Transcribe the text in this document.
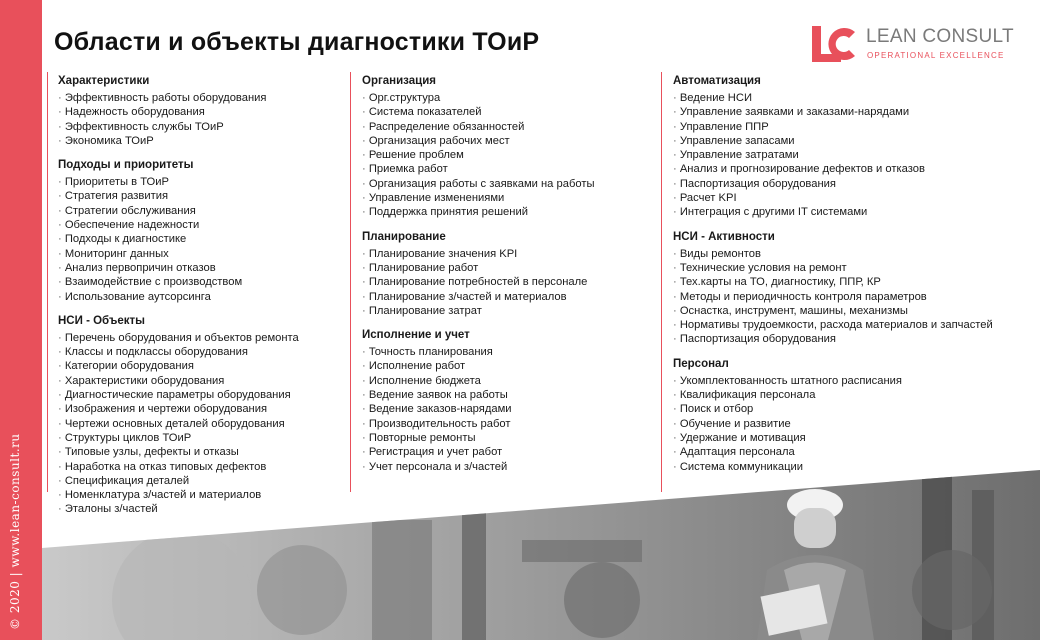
© 2020 | www.lean-consult.ru
Области и объекты диагностики ТОиР	LEAN CONSULT
OPERATIONAL EXCELLENCE
Характеристики
· Эффективность работы оборудования
· Надежность оборудования
· Эффективность службы ТОиР
· Экономика ТОиР
Подходы и приоритеты
· Приоритеты в ТОиР
· Стратегия развития
· Стратегии обслуживания
· Обеспечение надежности
· Подходы к диагностике
· Мониторинг данных
· Анализ первопричин отказов
· Взаимодействие с производством
· Использование аутсорсинга
НСИ - Объекты
· Перечень оборудования и объектов ремонта
· Классы и подклассы оборудования
· Категории оборудования
· Характеристики оборудования
· Диагностические параметры оборудования
· Изображения и чертежи оборудования
· Чертежи основных деталей оборудования
· Структуры циклов ТОиР
· Типовые узлы, дефекты и отказы
· Наработка на отказ типовых дефектов
· Спецификация деталей
· Номенклатура з/частей и материалов
· Эталоны з/частей
Организация
· Орг.структура
· Система показателей
· Распределение обязанностей
· Организация рабочих мест
· Решение проблем
· Приемка работ
· Организация работы с заявками на работы
· Управление изменениями
· Поддержка принятия решений
Планирование
· Планирование значения KPI
· Планирование работ
· Планирование потребностей в персонале
· Планирование з/частей и материалов
· Планирование затрат
Исполнение и учет
· Точность планирования
· Исполнение работ
· Исполнение бюджета
· Ведение заявок на работы
· Ведение заказов-нарядами
· Производительность работ
· Повторные ремонты
· Регистрация и учет работ
· Учет персонала и з/частей
Автоматизация
· Ведение НСИ
· Управление заявками и заказами-нарядами
· Управление ППР
· Управление запасами
· Управление затратами
· Анализ и прогнозирование дефектов и отказов
· Паспортизация оборудования
· Расчет KPI
· Интеграция с другими IT системами
НСИ - Активности
· Виды ремонтов
· Технические условия на ремонт
· Тех.карты на ТО, диагностику, ППР, КР
· Методы и периодичность контроля параметров
· Оснастка, инструмент, машины, механизмы
· Нормативы трудоемкости, расхода материалов и запчастей
· Паспортизация оборудования
Персонал
· Укомплектованность штатного расписания
· Квалификация персонала
· Поиск и отбор
· Обучение и развитие
· Удержание и мотивация
· Адаптация персонала
· Система коммуникации
